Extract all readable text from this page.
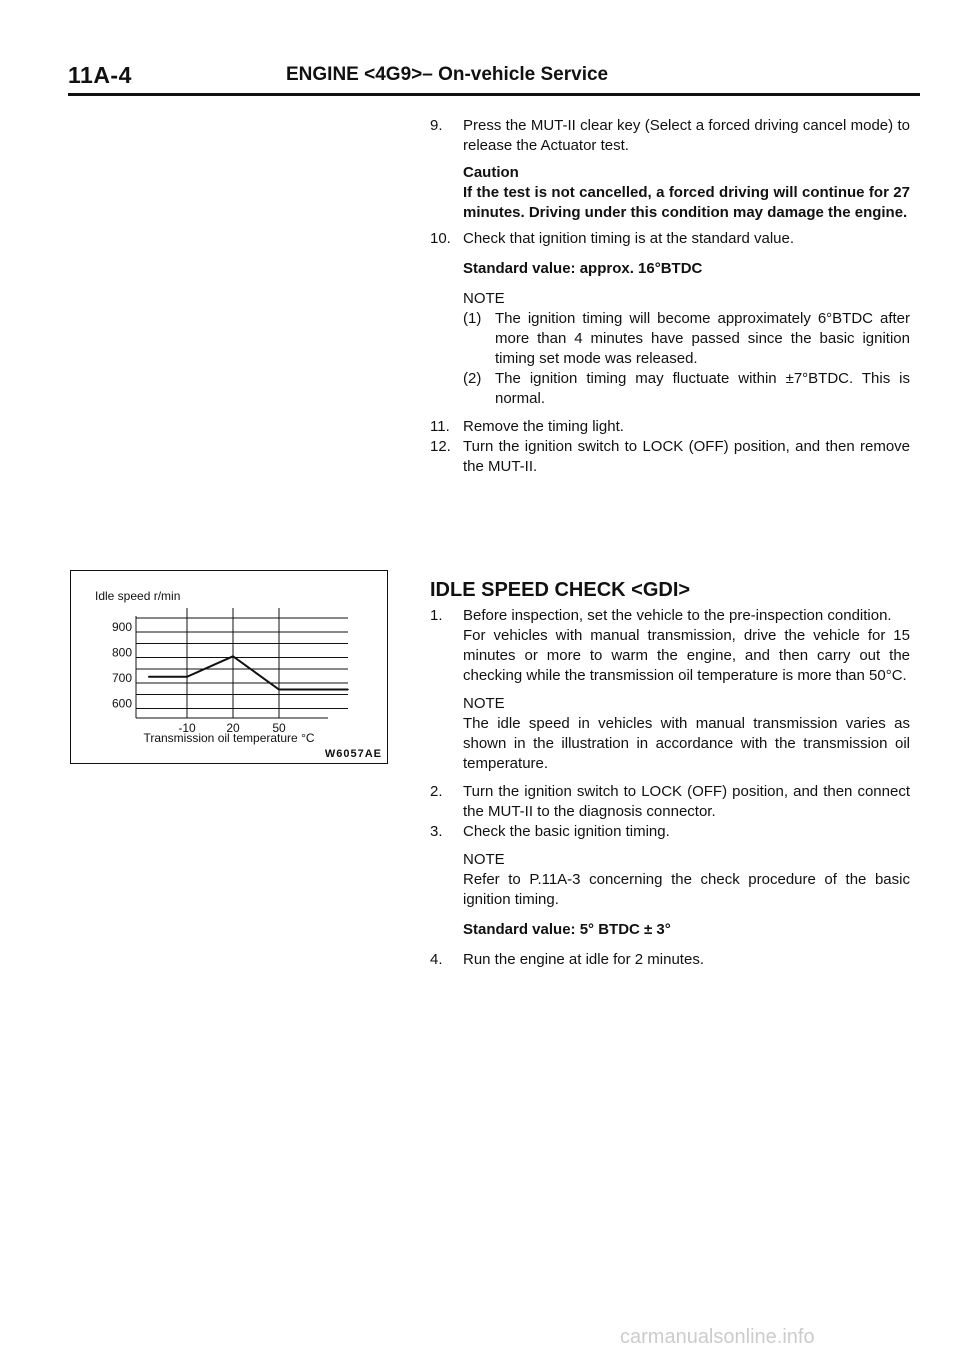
11A-4	ENGINE <4G9>– On-vehicle Service
9.	Press the MUT-II clear key (Select a forced driving cancel mode) to release the Actuator test.

Caution

If the test is not cancelled, a forced driving will continue for 27 minutes. Driving under this condition may damage the engine.

10. Check that ignition timing is at the standard value.

Standard value: approx. 16°BTDC

NOTE

(1) The ignition timing will become approximately 6°BTDC after more than 4 minutes have passed since the basic ignition timing set mode was released.

(2) The ignition timing may fluctuate within ±7°BTDC. This is normal.

11. Remove the timing light.

12. Turn the ignition switch to LOCK (OFF) position, and then remove the MUT-II.

IDLE SPEED CHECK <GDI>

1.	Before inspection, set the vehicle to the pre-inspection condition.

For vehicles with manual transmission, drive the vehicle for 15 minutes or more to warm the engine, and then carry out the checking while the transmission oil temperature is more than 50°C.

NOTE

The idle speed in vehicles with manual transmission varies as shown in the illustration in accordance with the transmission oil temperature.

2.	Turn the ignition switch to LOCK (OFF) position, and then connect the MUT-II to the diagnosis connector.

3.	Check the basic ignition timing.

NOTE

Refer to P.11A-3 concerning the check procedure of the basic ignition timing.

Standard value: 5° BTDC ± 3°

4.	Run the engine at idle for 2 minutes.

Idle speed r/min
900
800
700
600
-10	20	50
Transmission oil temperature °C
W6057AE
carmanualsonline.info
